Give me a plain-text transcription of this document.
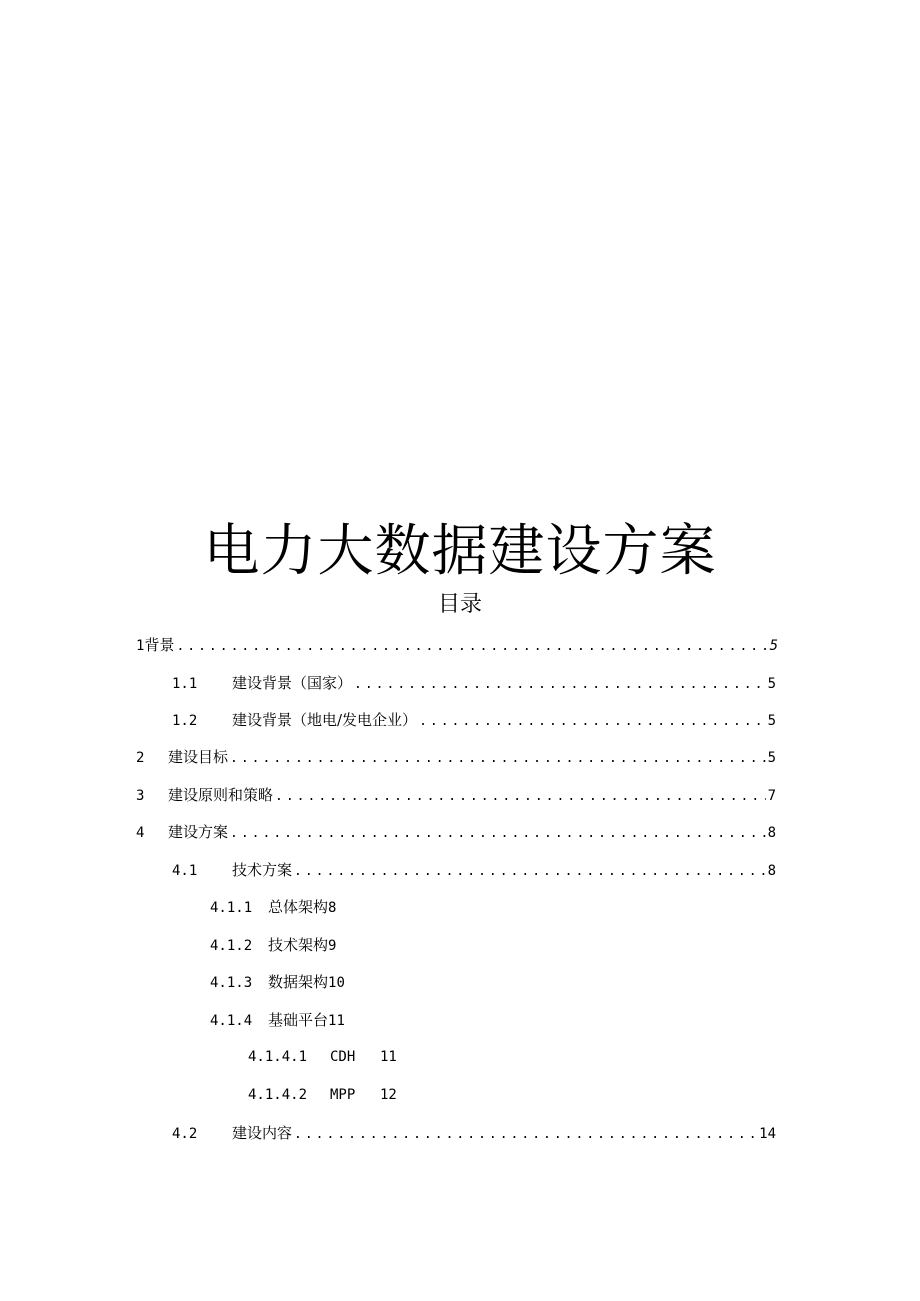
电力大数据建设方案
目录
1 背景 .....	5
1.1	建设背景（国家） .....	5
1.2	建设背景（地电/发电企业） .....	5
2	建设目标 .....	5
3	建设原则和策略 .....	7
4	建设方案 .....	8
4.1	技术方案 .....	8
4.1.1	总体架构 8
4.1.2	技术架构 9
4.1.3	数据架构 10
4.1.4	基础平台 11
4.1.4.1	CDH	11
4.1.4.2	MPP	12
4.2	建设内容 .....	14
